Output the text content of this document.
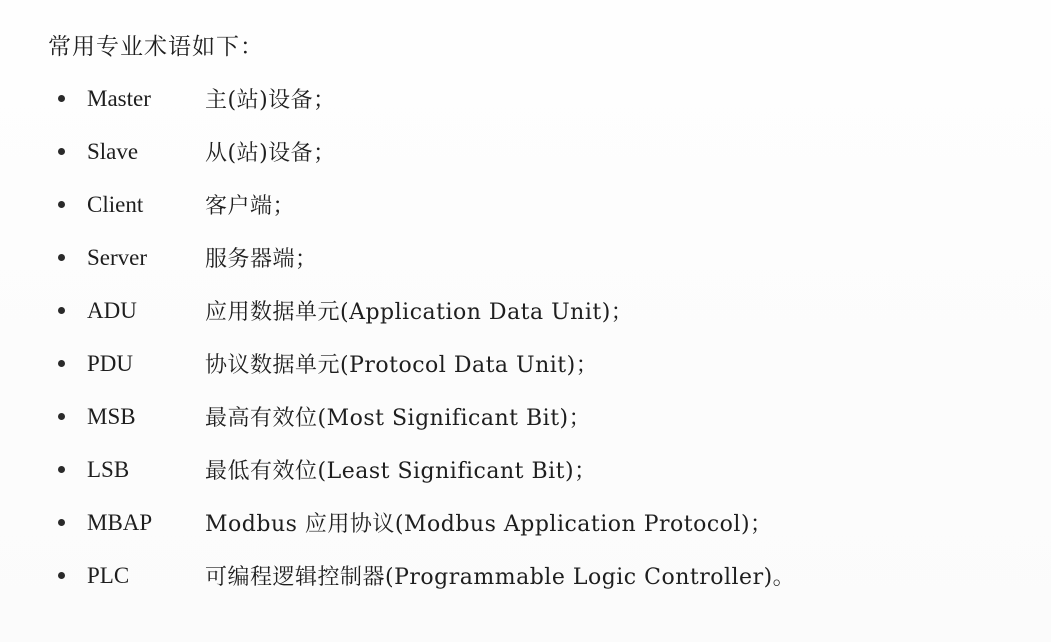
常用专业术语如下：
Master	主(站)设备；
Slave	从(站)设备；
Client	客户端；
Server	服务器端；
ADU	应用数据单元(Application Data Unit)；
PDU	协议数据单元(Protocol Data Unit)；
MSB	最高有效位(Most Significant Bit)；
LSB	最低有效位(Least Significant Bit)；
MBAP	Modbus 应用协议(Modbus Application Protocol)；
PLC	可编程逻辑控制器(Programmable Logic Controller)。
